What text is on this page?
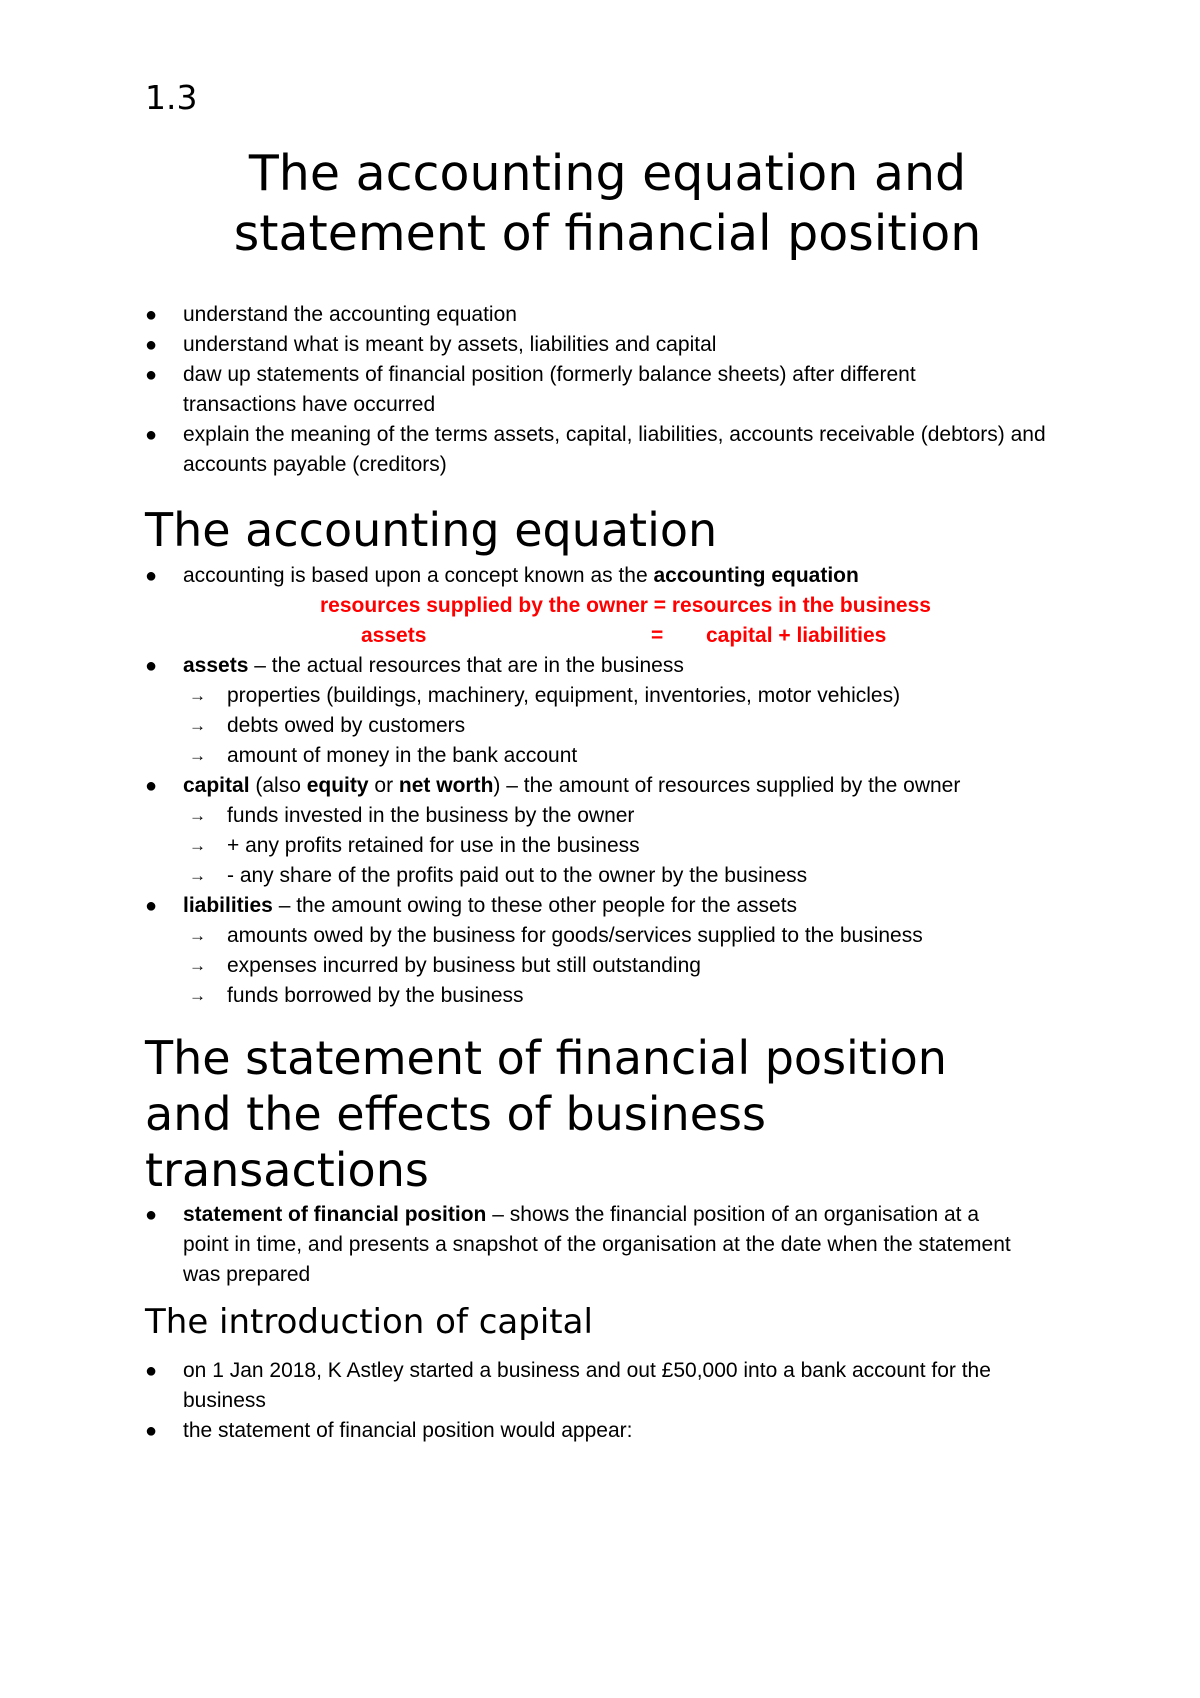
1.3
The accounting equation and
statement of financial position
●	understand the accounting equation
●	understand what is meant by assets, liabilities and capital
●	daw up statements of financial position (formerly balance sheets) after different transactions have occurred
●	explain the meaning of the terms assets, capital, liabilities, accounts receivable (debtors) and accounts payable (creditors)
The accounting equation
●	accounting is based upon a concept known as the accounting equation
resources supplied by the owner = resources in the business
assets	= capital + liabilities
●	assets – the actual resources that are in the business
→ properties (buildings, machinery, equipment, inventories, motor vehicles)
→ debts owed by customers
→ amount of money in the bank account
●	capital (also equity or net worth) – the amount of resources supplied by the owner
→ funds invested in the business by the owner
→ + any profits retained for use in the business
→ - any share of the profits paid out to the owner by the business
●	liabilities – the amount owing to these other people for the assets
→ amounts owed by the business for goods/services supplied to the business
→ expenses incurred by business but still outstanding
→ funds borrowed by the business
The statement of financial position
and the effects of business
transactions
●	statement of financial position – shows the financial position of an organisation at a point in time, and presents a snapshot of the organisation at the date when the statement was prepared
The introduction of capital
●	on 1 Jan 2018, K Astley started a business and out £50,000 into a bank account for the business
●	the statement of financial position would appear:
